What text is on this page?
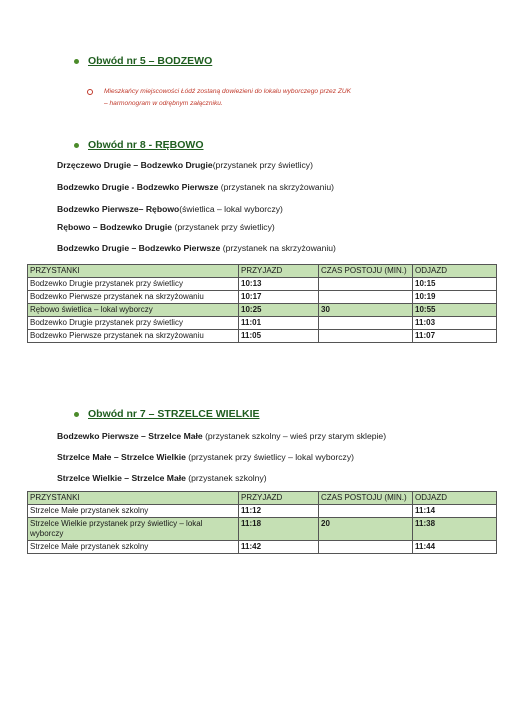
Obwód nr 5 – BODZEWO
Mieszkańcy miejscowości Łódź zostaną dowiezieni do lokalu wyborczego przez ZUK
– harmonogram w odrębnym załączniku.
Obwód nr 8 - RĘBOWO
Drzęczewo Drugie – Bodzewko Drugie(przystanek przy świetlicy)
Bodzewko Drugie - Bodzewko Pierwsze (przystanek na skrzyżowaniu)
Bodzewko Pierwsze– Rębowo(świetlica – lokal wyborczy)
Rębowo – Bodzewko Drugie (przystanek przy świetlicy)
Bodzewko Drugie – Bodzewko Pierwsze (przystanek na skrzyżowaniu)
PRZYSTANKI	PRZYJAZD	CZAS POSTOJU (MIN.)	ODJAZD
Bodzewko Drugie przystanek przy świetlicy	10:13		10:15
Bodzewko Pierwsze przystanek na skrzyżowaniu	10:17		10:19
Rębowo świetlica – lokal wyborczy	10:25	30	10:55
Bodzewko Drugie przystanek przy świetlicy	11:01		11:03
Bodzewko Pierwsze przystanek na skrzyżowaniu	11:05		11:07
Obwód nr 7 – STRZELCE WIELKIE
Bodzewko Pierwsze – Strzelce Małe (przystanek szkolny – wieś przy starym sklepie)
Strzelce Małe – Strzelce Wielkie (przystanek przy świetlicy – lokal wyborczy)
Strzelce Wielkie – Strzelce Małe (przystanek szkolny)
PRZYSTANKI	PRZYJAZD	CZAS POSTOJU (MIN.)	ODJAZD
Strzelce Małe przystanek szkolny	11:12		11:14
Strzelce Wielkie przystanek przy świetlicy – lokal wyborczy	11:18	20	11:38
Strzelce Małe przystanek szkolny	11:42		11:44
